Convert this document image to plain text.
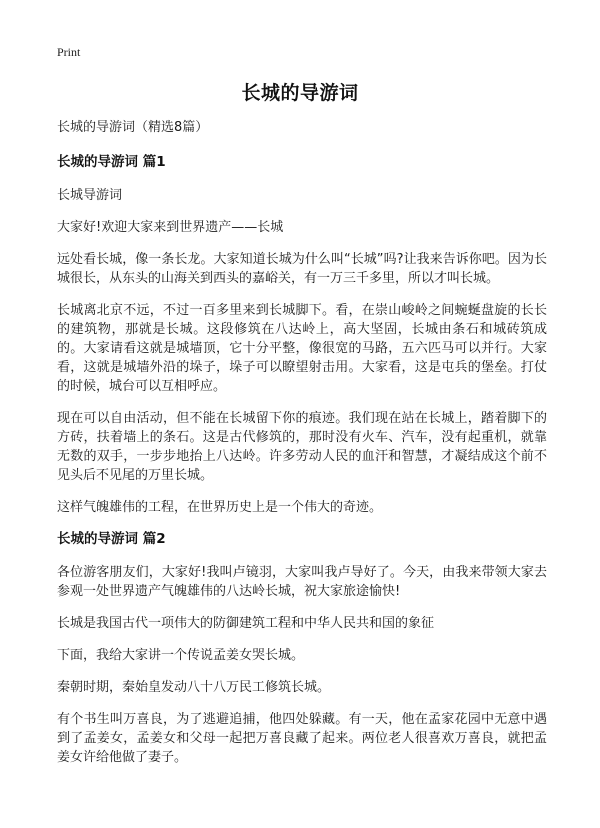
Print
长城的导游词

长城的导游词（精选8篇）

长城的导游词 篇1

长城导游词

大家好!欢迎大家来到世界遗产——长城

远处看长城，像一条长龙。大家知道长城为什么叫“长城”吗?让我来告诉你吧。因为长城很长，从东头的山海关到西头的嘉峪关，有一万三千多里，所以才叫长城。

长城离北京不远，不过一百多里来到长城脚下。看，在崇山峻岭之间蜿蜒盘旋的长长的建筑物，那就是长城。这段修筑在八达岭上，高大坚固，长城由条石和城砖筑成的。大家请看这就是城墙顶，它十分平整，像很宽的马路，五六匹马可以并行。大家看，这就是城墙外沿的垛子，垛子可以瞭望射击用。大家看，这是屯兵的堡垒。打仗的时候，城台可以互相呼应。

现在可以自由活动，但不能在长城留下你的痕迹。我们现在站在长城上，踏着脚下的方砖，扶着墙上的条石。这是古代修筑的，那时没有火车、汽车，没有起重机，就靠无数的双手，一步步地抬上八达岭。许多劳动人民的血汗和智慧，才凝结成这个前不见头后不见尾的万里长城。

这样气魄雄伟的工程，在世界历史上是一个伟大的奇迹。

长城的导游词 篇2

各位游客朋友们，大家好!我叫卢镜羽，大家叫我卢导好了。今天，由我来带领大家去参观一处世界遗产气魄雄伟的八达岭长城，祝大家旅途愉快!

长城是我国古代一项伟大的防御建筑工程和中华人民共和国的象征

下面，我给大家讲一个传说孟姜女哭长城。

秦朝时期，秦始皇发动八十八万民工修筑长城。

有个书生叫万喜良，为了逃避追捕，他四处躲藏。有一天，他在孟家花园中无意中遇到了孟姜女，孟姜女和父母一起把万喜良藏了起来。两位老人很喜欢万喜良，就把孟姜女许给他做了妻子。
